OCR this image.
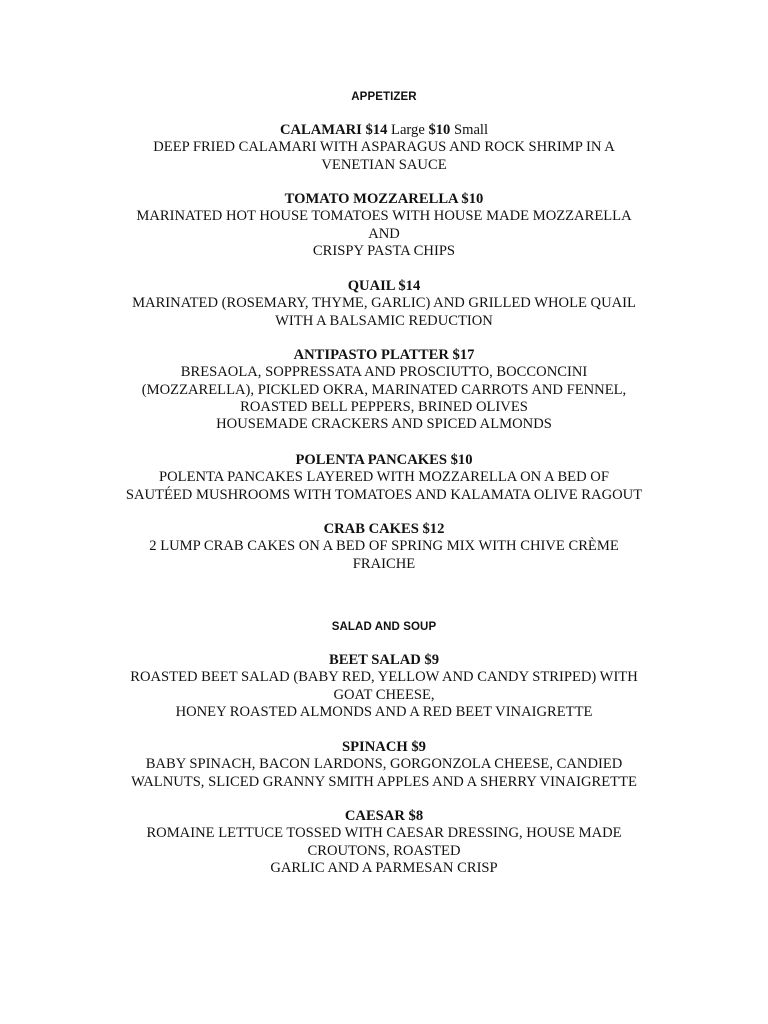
APPETIZER
CALAMARI $14 Large $10 Small
DEEP FRIED CALAMARI WITH ASPARAGUS AND ROCK SHRIMP IN A
VENETIAN SAUCE
TOMATO MOZZARELLA $10
MARINATED HOT HOUSE TOMATOES WITH HOUSE MADE MOZZARELLA
AND
CRISPY PASTA CHIPS
QUAIL $14
MARINATED (ROSEMARY, THYME, GARLIC) AND GRILLED WHOLE QUAIL
WITH A BALSAMIC REDUCTION
ANTIPASTO PLATTER $17
BRESAOLA, SOPPRESSATA AND PROSCIUTTO, BOCCONCINI
(MOZZARELLA), PICKLED OKRA, MARINATED CARROTS AND FENNEL,
ROASTED BELL PEPPERS, BRINED OLIVES
HOUSEMADE CRACKERS AND SPICED ALMONDS
POLENTA PANCAKES $10
POLENTA PANCAKES LAYERED WITH MOZZARELLA ON A BED OF
SAUTÉED MUSHROOMS WITH TOMATOES AND KALAMATA OLIVE RAGOUT
CRAB CAKES $12
2 LUMP CRAB CAKES ON A BED OF SPRING MIX WITH CHIVE CRÈME
FRAICHE
SALAD AND SOUP
BEET SALAD $9
ROASTED BEET SALAD (BABY RED, YELLOW AND CANDY STRIPED) WITH
GOAT CHEESE,
HONEY ROASTED ALMONDS AND A RED BEET VINAIGRETTE
SPINACH $9
BABY SPINACH, BACON LARDONS, GORGONZOLA CHEESE, CANDIED
WALNUTS, SLICED GRANNY SMITH APPLES AND A SHERRY VINAIGRETTE
CAESAR $8
ROMAINE LETTUCE TOSSED WITH CAESAR DRESSING, HOUSE MADE
CROUTONS, ROASTED
GARLIC AND A PARMESAN CRISP
